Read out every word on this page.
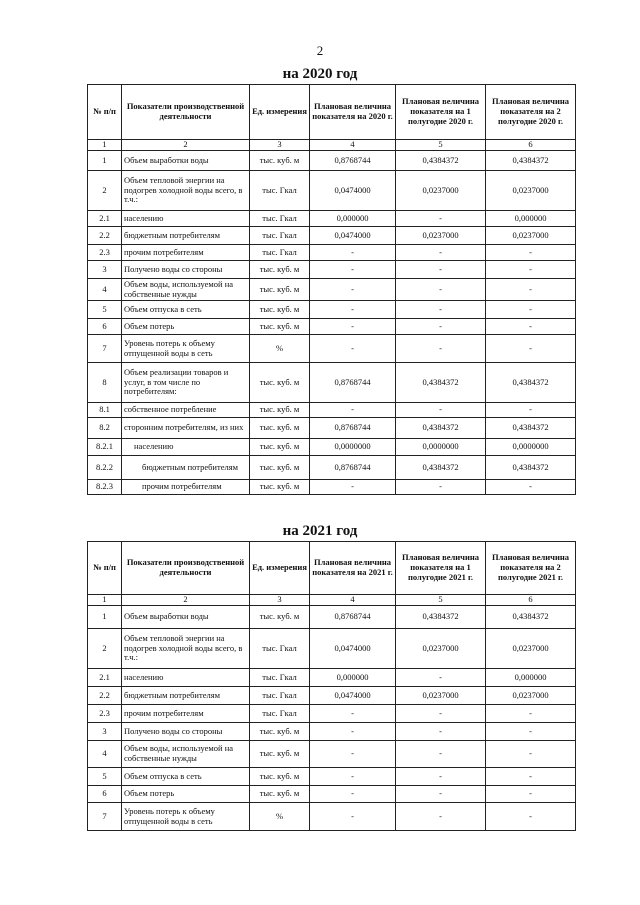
2
на 2020 год
№ п/п	Показатели производственной деятельности	Ед. измерения	Плановая величина показателя на 2020 г.	Плановая величина показателя на 1 полугодие 2020 г.	Плановая величина показателя на 2 полугодие 2020 г.
1	2	3	4	5	6
1	Объем выработки воды	тыс. куб. м	0,8768744	0,4384372	0,4384372
2	Объем тепловой энергии на подогрев холодной воды всего, в т.ч.:	тыс. Гкал	0,0474000	0,0237000	0,0237000
2.1	населению	тыс. Гкал	0,000000	-	0,000000
2.2	бюджетным потребителям	тыс. Гкал	0,0474000	0,0237000	0,0237000
2.3	прочим потребителям	тыс. Гкал	-	-	-
3	Получено воды со стороны	тыс. куб. м	-	-	-
4	Объем воды, используемой на собственные нужды	тыс. куб. м	-	-	-
5	Объем отпуска в сеть	тыс. куб. м	-	-	-
6	Объем потерь	тыс. куб. м	-	-	-
7	Уровень потерь к объему отпущенной воды в сеть	%	-	-	-
8	Объем реализации товаров и услуг, в том числе по потребителям:	тыс. куб. м	0,8768744	0,4384372	0,4384372
8.1	собственное потребление	тыс. куб. м	-	-	-
8.2	сторонним потребителям, из них	тыс. куб. м	0,8768744	0,4384372	0,4384372
8.2.1	населению	тыс. куб. м	0,0000000	0,0000000	0,0000000
8.2.2	бюджетным потребителям	тыс. куб. м	0,8768744	0,4384372	0,4384372
8.2.3	прочим потребителям	тыс. куб. м	-	-	-
на 2021 год
№ п/п	Показатели производственной деятельности	Ед. измерения	Плановая величина показателя на 2021 г.	Плановая величина показателя на 1 полугодие 2021 г.	Плановая величина показателя на 2 полугодие 2021 г.
1	2	3	4	5	6
1	Объем выработки воды	тыс. куб. м	0,8768744	0,4384372	0,4384372
2	Объем тепловой энергии на подогрев холодной воды всего, в т.ч.:	тыс. Гкал	0,0474000	0,0237000	0,0237000
2.1	населению	тыс. Гкал	0,000000	-	0,000000
2.2	бюджетным потребителям	тыс. Гкал	0,0474000	0,0237000	0,0237000
2.3	прочим потребителям	тыс. Гкал	-	-	-
3	Получено воды со стороны	тыс. куб. м	-	-	-
4	Объем воды, используемой на собственные нужды	тыс. куб. м	-	-	-
5	Объем отпуска в сеть	тыс. куб. м	-	-	-
6	Объем потерь	тыс. куб. м	-	-	-
7	Уровень потерь к объему отпущенной воды в сеть	%	-	-	-
